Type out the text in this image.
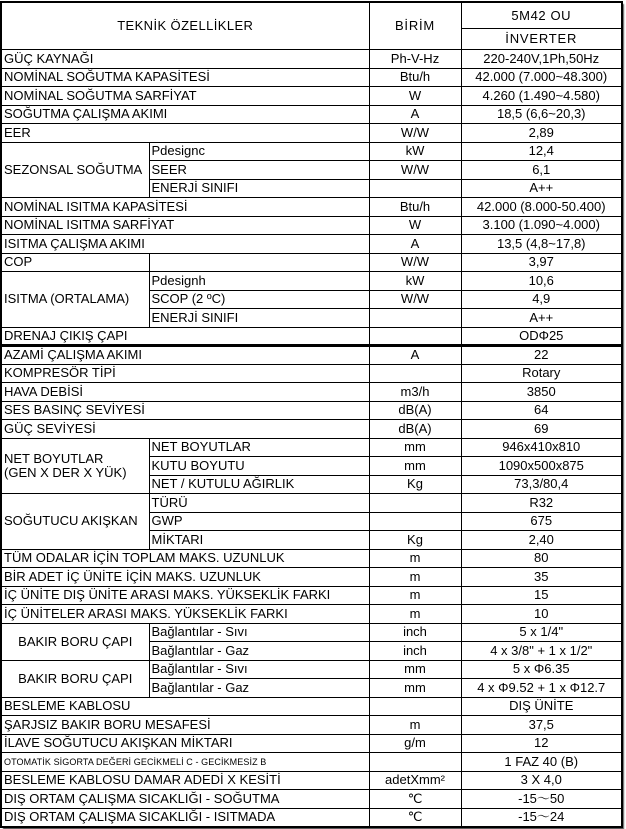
TEKNİK ÖZELLİKLER		BİRİM	5M42 OU
			İNVERTER
GÜÇ KAYNAĞI		Ph-V-Hz	220-240V,1Ph,50Hz
NOMİNAL SOĞUTMA KAPASİTESİ		Btu/h	42.000 (7.000~48.300)
NOMİNAL SOĞUTMA SARFİYAT		W	4.260 (1.490~4.580)
SOĞUTMA ÇALIŞMA AKIMI		A	18,5 (6,6~20,3)
EER		W/W	2,89
SEZONSAL SOĞUTMA	Pdesignc	kW	12,4
	SEER	W/W	6,1
	ENERJİ SINIFI		A++
NOMİNAL ISITMA KAPASİTESİ		Btu/h	42.000 (8.000-50.400)
NOMİNAL ISITMA SARFİYAT		W	3.100 (1.090~4.000)
ISITMA ÇALIŞMA AKIMI		A	13,5 (4,8~17,8)
COP		W/W	3,97
ISITMA (ORTALAMA)	Pdesignh	kW	10,6
	SCOP (2 ºC)	W/W	4,9
	ENERJİ SINIFI		A++
DRENAJ ÇIKIŞ ÇAPI			ODΦ25
AZAMİ ÇALIŞMA AKIMI		A	22
KOMPRESÖR TİPİ			Rotary
HAVA DEBİSİ		m3/h	3850
SES BASINÇ SEVİYESİ		dB(A)	64
GÜÇ SEVİYESİ		dB(A)	69
NET BOYUTLAR
(GEN X DER X YÜK)	NET BOYUTLAR	mm	946x410x810
	KUTU BOYUTU	mm	1090x500x875
	NET / KUTULU AĞIRLIK	Kg	73,3/80,4
SOĞUTUCU AKIŞKAN	TÜRÜ		R32
	GWP		675
	MİKTARI	Kg	2,40
TÜM ODALAR İÇİN TOPLAM MAKS. UZUNLUK		m	80
BİR ADET İÇ ÜNİTE İÇİN MAKS. UZUNLUK		m	35
İÇ ÜNİTE DIŞ ÜNİTE ARASI MAKS. YÜKSEKLİK FARKI		m	15
İÇ ÜNİTELER ARASI MAKS. YÜKSEKLİK FARKI		m	10
BAKIR BORU ÇAPI	Bağlantılar - Sıvı	inch	5 x 1/4"
	Bağlantılar - Gaz	inch	4 x 3/8" + 1 x 1/2"
BAKIR BORU ÇAPI	Bağlantılar - Sıvı	mm	5 x Φ6.35
	Bağlantılar - Gaz	mm	4 x Φ9.52 + 1 x Φ12.7
BESLEME KABLOSU			DIŞ ÜNİTE
ŞARJSIZ BAKIR BORU MESAFESİ		m	37,5
İLAVE SOĞUTUCU AKIŞKAN MİKTARI		g/m	12
OTOMATİK SİGORTA DEĞERİ GECİKMELİ C - GECİKMESİZ B			1 FAZ 40 (B)
BESLEME KABLOSU DAMAR ADEDİ X KESİTİ		adetXmm²	3 X 4,0
DIŞ ORTAM ÇALIŞMA SICAKLIĞI - SOĞUTMA		℃	-15～50
DIŞ ORTAM ÇALIŞMA SICAKLIĞI - ISITMADA		℃	-15～24
